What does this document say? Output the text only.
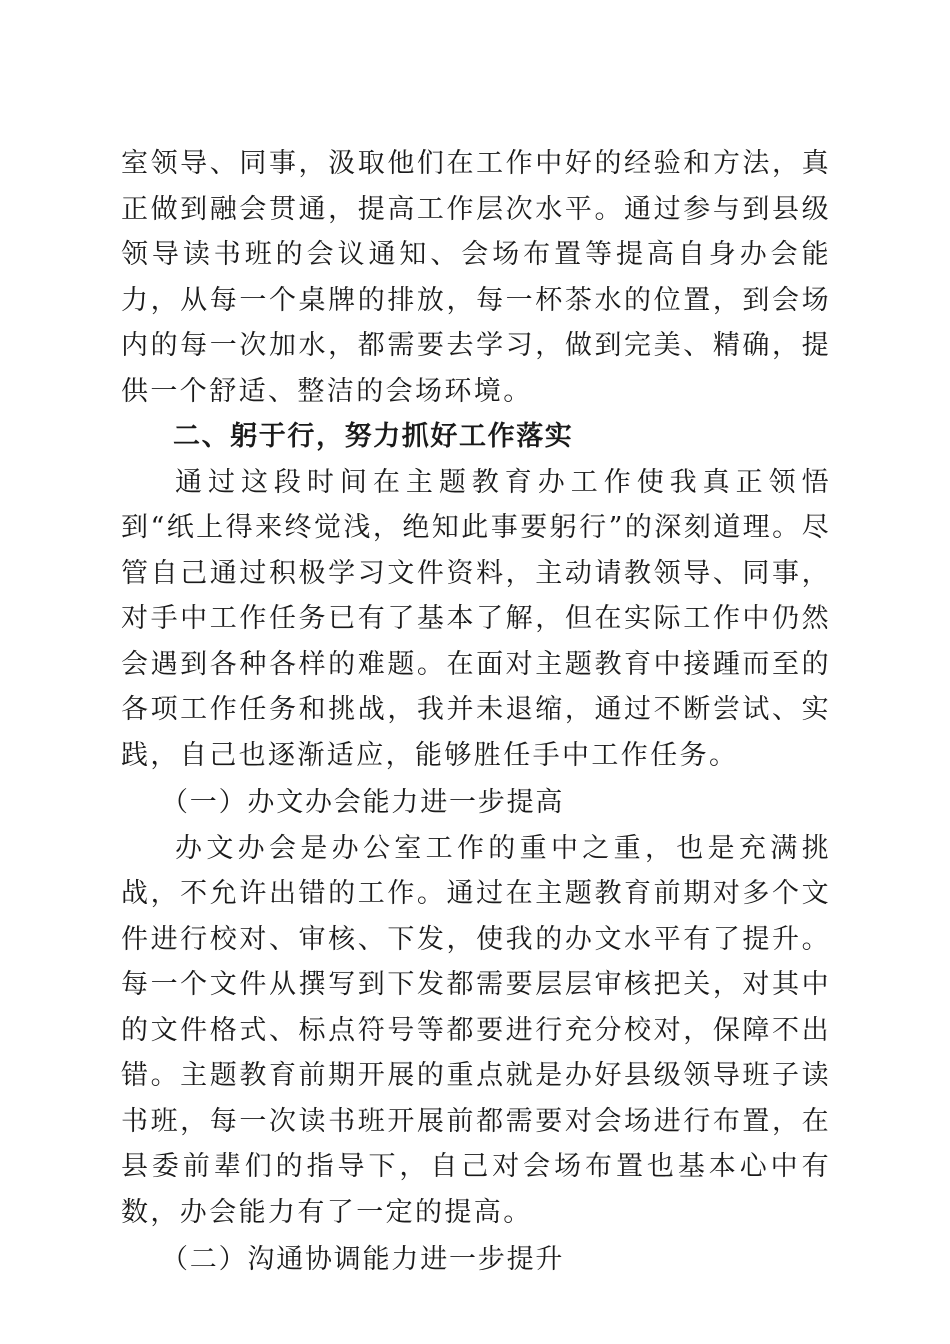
室领导、同事，汲取他们在工作中好的经验和方法，真正做到融会贯通，提高工作层次水平。通过参与到县级领导读书班的会议通知、会场布置等提高自身办会能力，从每一个桌牌的排放，每一杯茶水的位置，到会场内的每一次加水，都需要去学习，做到完美、精确，提供一个舒适、整洁的会场环境。

二、躬于行，努力抓好工作落实

通过这段时间在主题教育办工作使我真正领悟到“纸上得来终觉浅，绝知此事要躬行”的深刻道理。尽管自己通过积极学习文件资料，主动请教领导、同事，对手中工作任务已有了基本了解，但在实际工作中仍然会遇到各种各样的难题。在面对主题教育中接踵而至的各项工作任务和挑战，我并未退缩，通过不断尝试、实践，自己也逐渐适应，能够胜任手中工作任务。

（一）办文办会能力进一步提高

办文办会是办公室工作的重中之重，也是充满挑战，不允许出错的工作。通过在主题教育前期对多个文件进行校对、审核、下发，使我的办文水平有了提升。每一个文件从撰写到下发都需要层层审核把关，对其中的文件格式、标点符号等都要进行充分校对，保障不出错。主题教育前期开展的重点就是办好县级领导班子读书班，每一次读书班开展前都需要对会场进行布置，在县委前辈们的指导下，自己对会场布置也基本心中有数，办会能力有了一定的提高。

（二）沟通协调能力进一步提升
